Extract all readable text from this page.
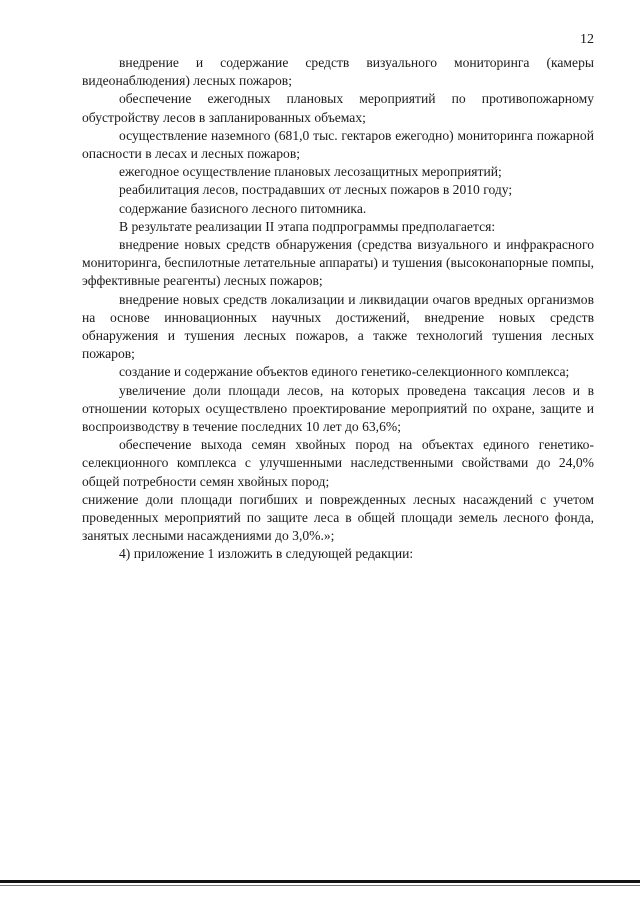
12

внедрение и содержание средств визуального мониторинга (камеры видеонаблюдения) лесных пожаров;

обеспечение ежегодных плановых мероприятий по противопожарному обустройству лесов в запланированных объемах;

осуществление наземного (681,0 тыс. гектаров ежегодно) мониторинга пожарной опасности в лесах и лесных пожаров;

ежегодное осуществление плановых лесозащитных мероприятий;

реабилитация лесов, пострадавших от лесных пожаров в 2010 году;

содержание базисного лесного питомника.

В результате реализации II этапа подпрограммы предполагается:

внедрение новых средств обнаружения (средства визуального и инфракрасного мониторинга, беспилотные летательные аппараты) и тушения (высоконапорные помпы, эффективные реагенты) лесных пожаров;

внедрение новых средств локализации и ликвидации очагов вредных организмов на основе инновационных научных достижений, внедрение новых средств обнаружения и тушения лесных пожаров, а также технологий тушения лесных пожаров;

создание и содержание объектов единого генетико-селекционного комплекса;

увеличение доли площади лесов, на которых проведена таксация лесов и в отношении которых осуществлено проектирование мероприятий по охране, защите и воспроизводству в течение последних 10 лет до 63,6%;

обеспечение выхода семян хвойных пород на объектах единого генетико-селекционного комплекса с улучшенными наследственными свойствами до 24,0% общей потребности семян хвойных пород;

снижение доли площади погибших и поврежденных лесных насаждений с учетом проведенных мероприятий по защите леса в общей площади земель лесного фонда, занятых лесными насаждениями до 3,0%.»;

4) приложение 1 изложить в следующей редакции:
